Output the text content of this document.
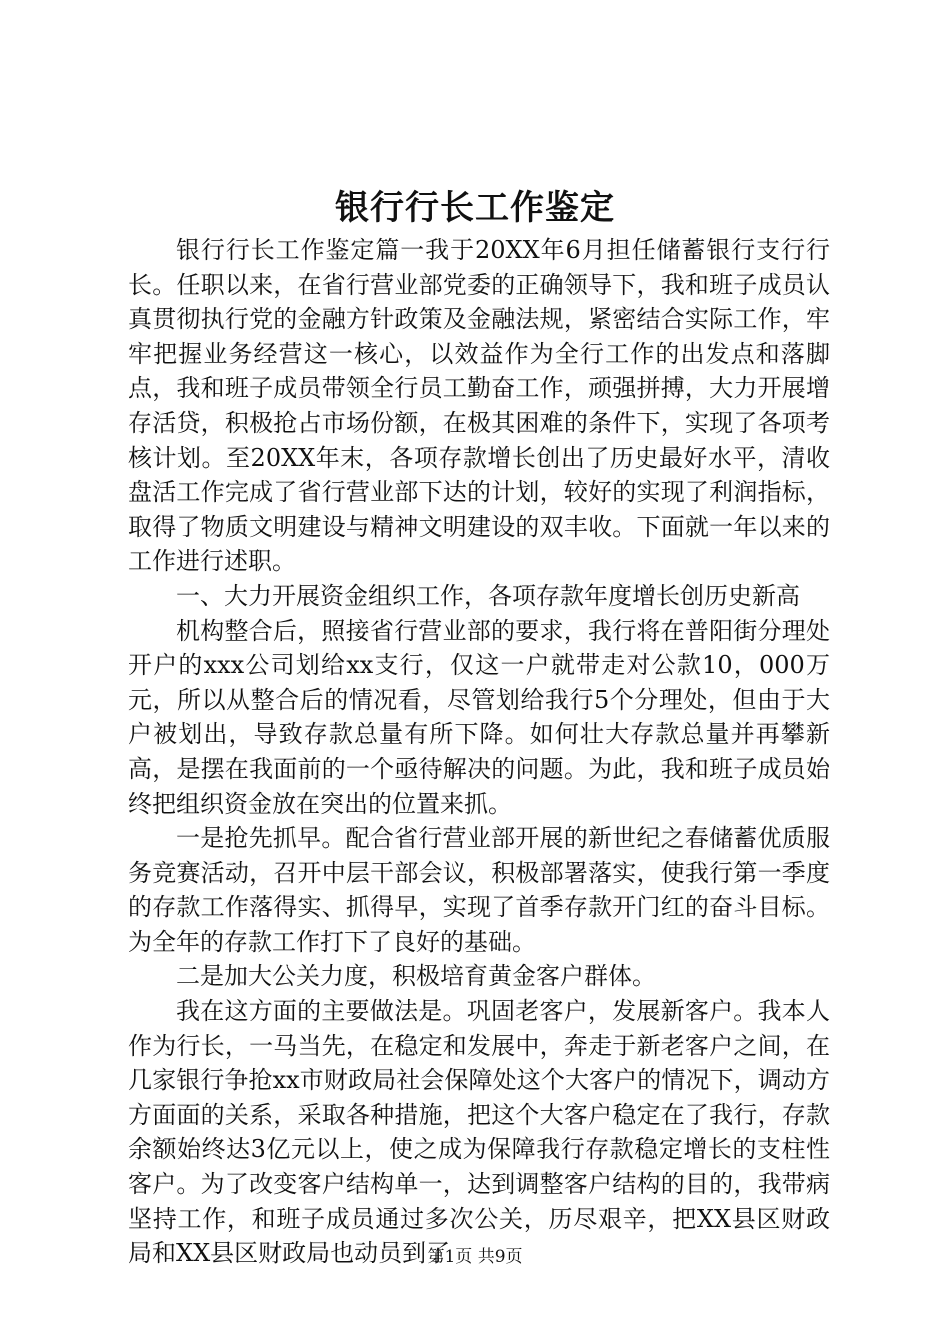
银行行长工作鉴定

银行行长工作鉴定篇一我于20XX年6月担任储蓄银行支行行长。任职以来，在省行营业部党委的正确领导下，我和班子成员认真贯彻执行党的金融方针政策及金融法规，紧密结合实际工作，牢牢把握业务经营这一核心，以效益作为全行工作的出发点和落脚点，我和班子成员带领全行员工勤奋工作，顽强拼搏，大力开展增存活贷，积极抢占市场份额，在极其困难的条件下，实现了各项考核计划。至20XX年末，各项存款增长创出了历史最好水平，清收盘活工作完成了省行营业部下达的计划，较好的实现了利润指标，取得了物质文明建设与精神文明建设的双丰收。下面就一年以来的工作进行述职。

一、大力开展资金组织工作，各项存款年度增长创历史新高

机构整合后，照接省行营业部的要求，我行将在普阳街分理处开户的xxx公司划给xx支行，仅这一户就带走对公款10，000万元，所以从整合后的情况看，尽管划给我行5个分理处，但由于大户被划出，导致存款总量有所下降。如何壮大存款总量并再攀新高，是摆在我面前的一个亟待解决的问题。为此，我和班子成员始终把组织资金放在突出的位置来抓。

一是抢先抓早。配合省行营业部开展的新世纪之春储蓄优质服务竞赛活动，召开中层干部会议，积极部署落实，使我行第一季度的存款工作落得实、抓得早，实现了首季存款开门红的奋斗目标。为全年的存款工作打下了良好的基础。

二是加大公关力度，积极培育黄金客户群体。

我在这方面的主要做法是。巩固老客户，发展新客户。我本人作为行长，一马当先，在稳定和发展中，奔走于新老客户之间，在几家银行争抢xx市财政局社会保障处这个大客户的情况下，调动方方面面的关系，采取各种措施，把这个大客户稳定在了我行，存款余额始终达3亿元以上，使之成为保障我行存款稳定增长的支柱性客户。为了改变客户结构单一，达到调整客户结构的目的，我带病坚持工作，和班子成员通过多次公关，历尽艰辛，把XX县区财政局和XX县区财政局也动员到了

第1页 共9页
